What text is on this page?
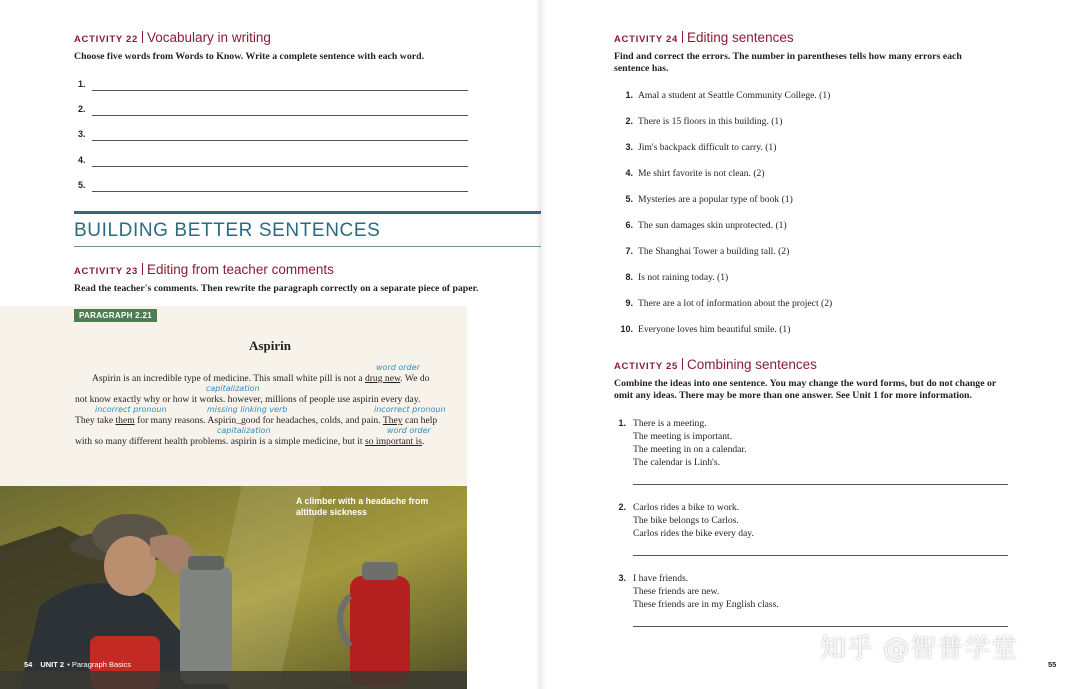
ACTIVITY 22 Vocabulary in writing
Choose five words from Words to Know. Write a complete sentence with each word.
1.
2.
3.
4.
5.
BUILDING BETTER SENTENCES
ACTIVITY 23 Editing from teacher comments
Read the teacher's comments. Then rewrite the paragraph correctly on a separate piece of paper.
PARAGRAPH 2.21
Aspirin
word order
Aspirin is an incredible type of medicine. This small white pill is not a drug new. We do
capitalization
not know exactly why or how it works. however, millions of people use aspirin every day.
incorrect pronoun	missing linking verb	incorrect pronoun
They take them for many reasons. Aspirin_good for headaches, colds, and pain. They can help
capitalization	word order
with so many different health problems. aspirin is a simple medicine, but it so important is.
A climber with a headache from altitude sickness
54 UNIT 2 ▪ Paragraph Basics
ACTIVITY 24 Editing sentences
Find and correct the errors. The number in parentheses tells how many errors each sentence has.
1. Amal a student at Seattle Community College. (1)
2. There is 15 floors in this building. (1)
3. Jim's backpack difficult to carry. (1)
4. Me shirt favorite is not clean. (2)
5. Mysteries are a popular type of book (1)
6. The sun damages skin unprotected. (1)
7. The Shanghai Tower a building tall. (2)
8. Is not raining today. (1)
9. There are a lot of information about the project (2)
10. Everyone loves him beautiful smile. (1)
ACTIVITY 25 Combining sentences
Combine the ideas into one sentence. You may change the word forms, but do not change or omit any ideas. There may be more than one answer. See Unit 1 for more information.
1. There is a meeting.
The meeting is important.
The meeting in on a calendar.
The calendar is Linh's.
2. Carlos rides a bike to work.
The bike belongs to Carlos.
Carlos rides the bike every day.
3. I have friends.
These friends are new.
These friends are in my English class.
55
知乎 @智普学堂
